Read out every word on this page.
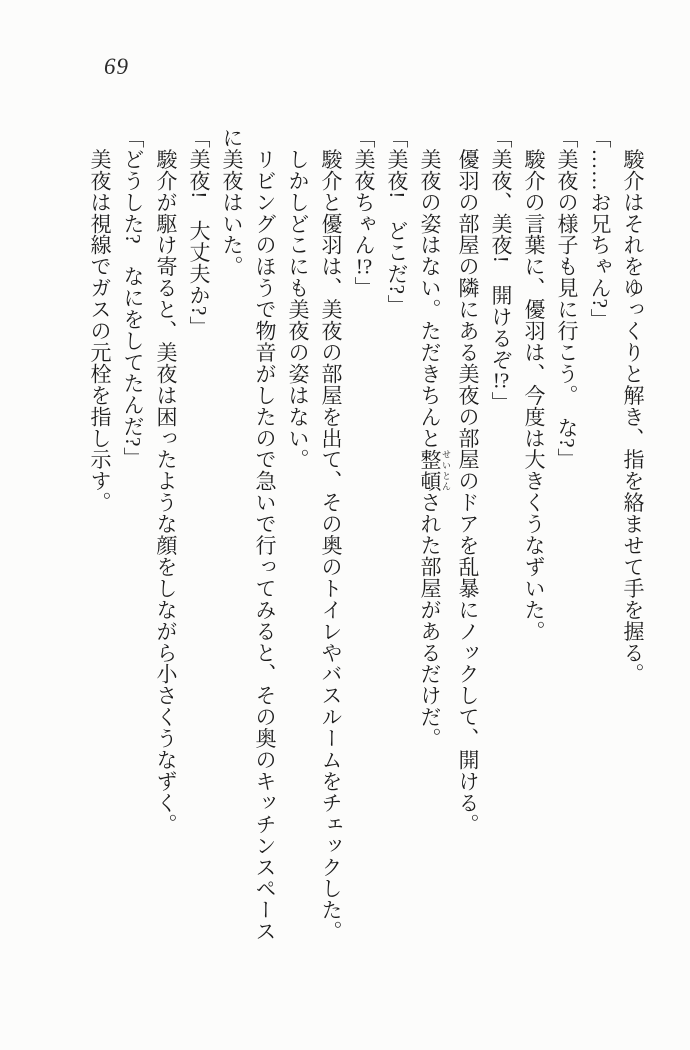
69

　駿介はそれをゆっくりと解き、指を絡ませて手を握る。

「……お兄ちゃん?」

「美夜の様子も見に行こう。　な?」

　駿介の言葉に、優羽は、今度は大きくうなずいた。

「美夜、美夜!　開けるぞ!?」

　優羽の部屋の隣にある美夜の部屋のドアを乱暴にノックして、開ける。

　美夜の姿はない。ただきちんと整頓 せいとんされた部屋があるだけだ。

「美夜!　どこだ?」

「美夜ちゃん!?」

　駿介と優羽は、美夜の部屋を出て、その奥のトイレやバスルームをチェックした。

　しかしどこにも美夜の姿はない。

　リビングのほうで物音がしたので急いで行ってみると、その奥のキッチンスペースに美夜はいた。

「美夜!　大丈夫か?」

　駿介が駆け寄ると、美夜は困ったような顔をしながら小さくうなずく。

「どうした?　なにをしてたんだ?」

　美夜は視線でガスの元栓を指し示す。
